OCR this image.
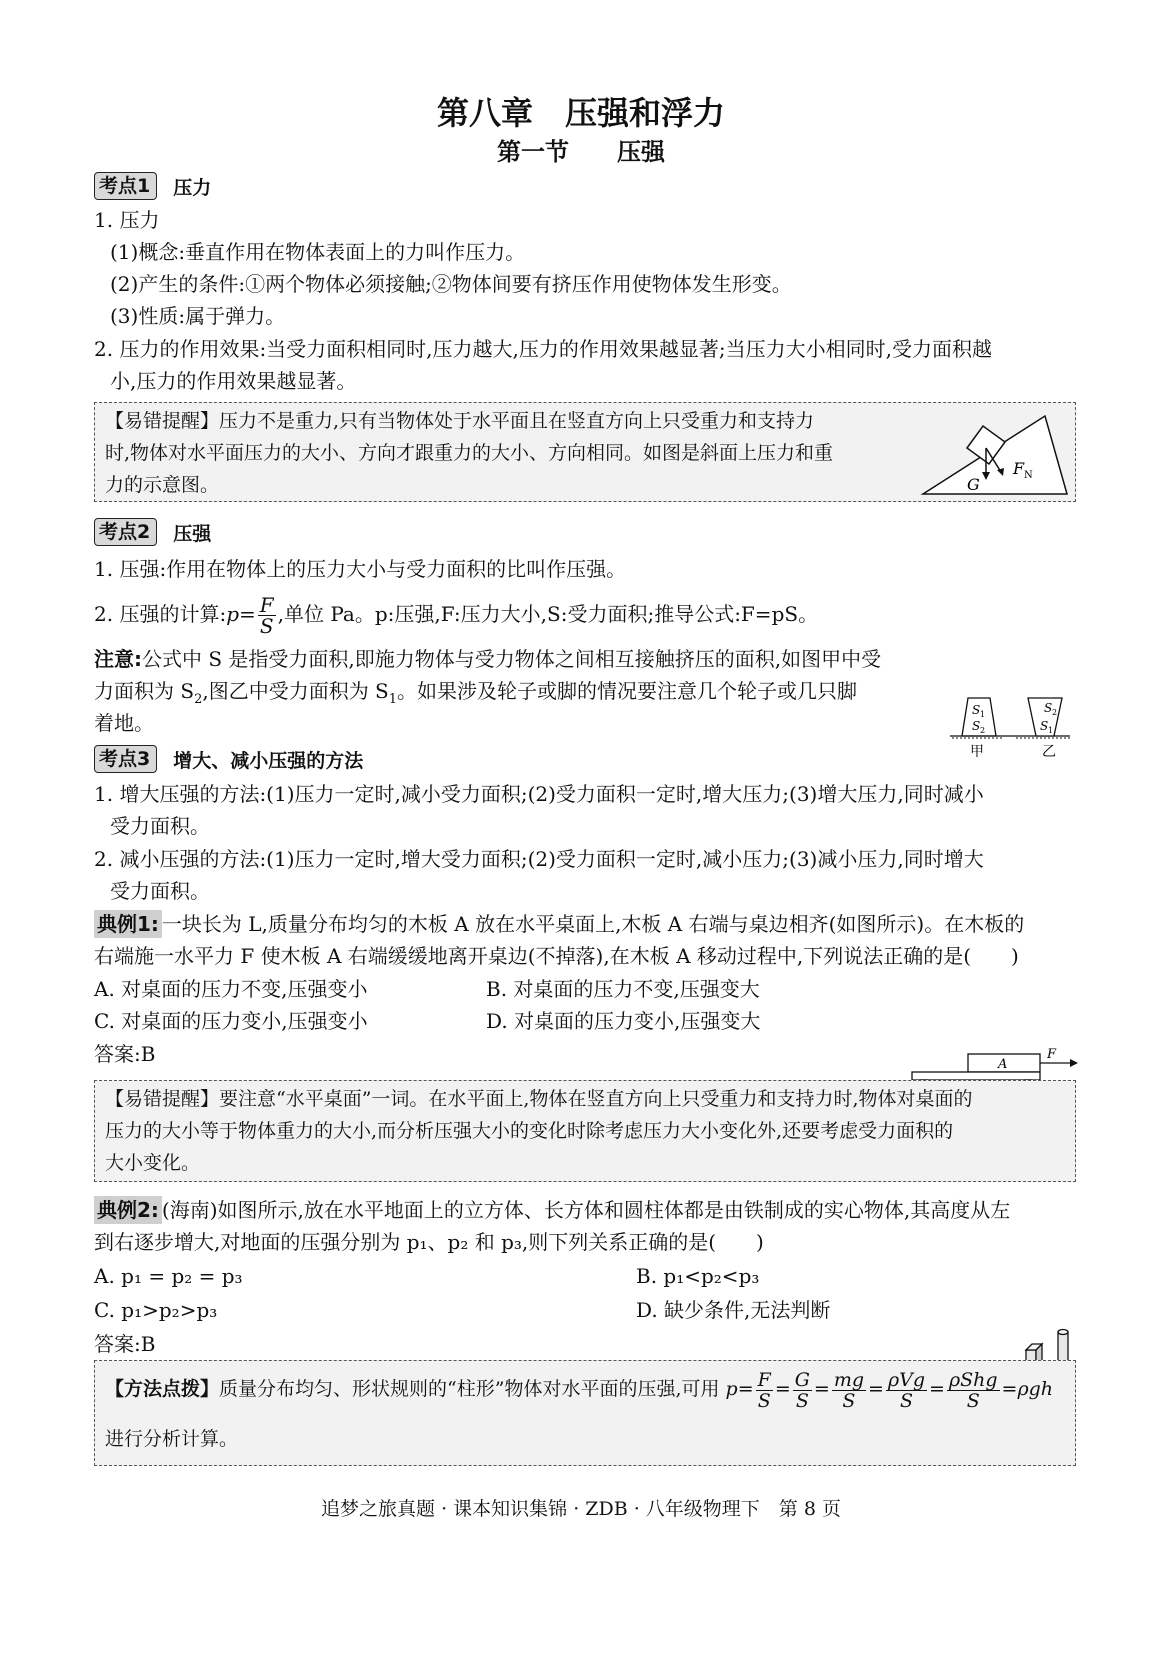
第八章　压强和浮力
第一节　　压强
考点1	压力
1. 压力
(1)概念:垂直作用在物体表面上的力叫作压力。
(2)产生的条件:①两个物体必须接触;②物体间要有挤压作用使物体发生形变。
(3)性质:属于弹力。
2. 压力的作用效果:当受力面积相同时,压力越大,压力的作用效果越显著;当压力大小相同时,受力面积越
小,压力的作用效果越显著。
【易错提醒】压力不是重力,只有当物体处于水平面且在竖直方向上只受重力和支持力
时,物体对水平面压力的大小、方向才跟重力的大小、方向相同。如图是斜面上压力和重
力的示意图。	G
F N
考点2	压强
1. 压强:作用在物体上的压力大小与受力面积的比叫作压强。
2. 压强的计算:p= $\frac{F}{S}$ ,单位 Pa。p:压强,F:压力大小,S:受力面积;推导公式:F=pS。
注意:公式中 S 是指受力面积,即施力物体与受力物体之间相互接触挤压的面积,如图甲中受
力面积为 $S_2$,图乙中受力面积为 $S_1$。如果涉及轮子或脚的情况要注意几个轮子或几只脚
着地。
S 1
S 2
甲
S 2
S 1
乙
考点3	增大、减小压强的方法
1. 增大压强的方法:(1)压力一定时,减小受力面积;(2)受力面积一定时,增大压力;(3)增大压力,同时减小
受力面积。
2. 减小压强的方法:(1)压力一定时,增大受力面积;(2)受力面积一定时,减小压力;(3)减小压力,同时增大
受力面积。
典例1: 一块长为 L,质量分布均匀的木板 A 放在水平桌面上,木板 A 右端与桌边相齐(如图所示)。在木板的
右端施一水平力 F 使木板 A 右端缓缓地离开桌边(不掉落),在木板 A 移动过程中,下列说法正确的是(　　)
A. 对桌面的压力不变,压强变小	B. 对桌面的压力不变,压强变大
C. 对桌面的压力变小,压强变小	D. 对桌面的压力变小,压强变大
答案:B	A
F
【易错提醒】要注意“水平桌面”一词。在水平面上,物体在竖直方向上只受重力和支持力时,物体对桌面的
压力的大小等于物体重力的大小,而分析压强大小的变化时除考虑压力大小变化外,还要考虑受力面积的
大小变化。
典例2: (海南)如图所示,放在水平地面上的立方体、长方体和圆柱体都是由铁制成的实心物体,其高度从左
到右逐步增大,对地面的压强分别为 p₁、p₂ 和 p₃,则下列关系正确的是(　　)
A. p₁ = p₂ = p₃	B. p₁<p₂<p₃
C. p₁>p₂>p₃	D. 缺少条件,无法判断
答案:B
【方法点拨】质量分布均匀、形状规则的“柱形”物体对水平面的压强,可用 $p= \frac{F}{S} = \frac{G}{S} = \frac{mg}{S} = \frac{\text{ρVg}}{S} = \frac{\text{ρShg}}{S} =\rho gh$
进行分析计算。
追梦之旅真题 · 课本知识集锦 · ZDB · 八年级物理下　第 8 页
